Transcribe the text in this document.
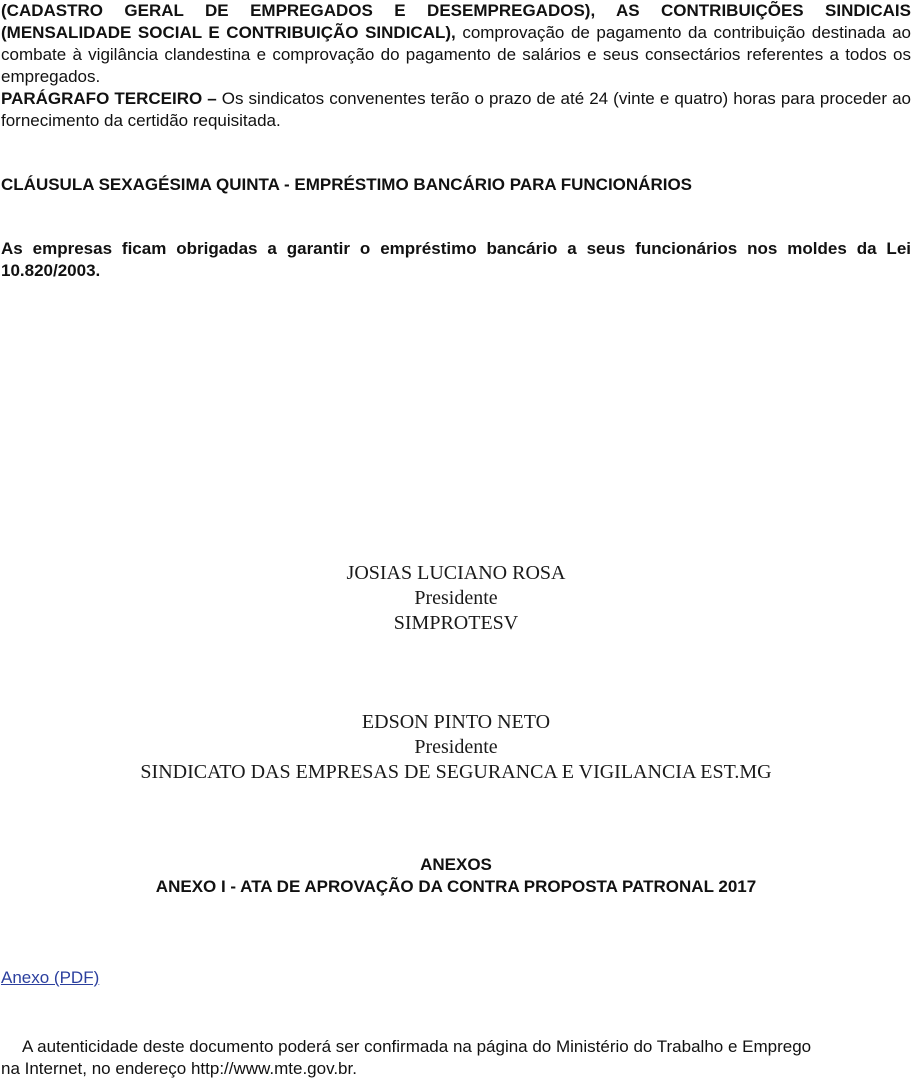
(CADASTRO GERAL DE EMPREGADOS E DESEMPREGADOS), AS CONTRIBUIÇÕES SINDICAIS (MENSALIDADE SOCIAL E CONTRIBUIÇÃO SINDICAL), comprovação de pagamento da contribuição destinada ao combate à vigilância clandestina e comprovação do pagamento de salários e seus consectários referentes a todos os empregados.

PARÁGRAFO TERCEIRO – Os sindicatos convenentes terão o prazo de até 24 (vinte e quatro) horas para proceder ao fornecimento da certidão requisitada.

CLÁUSULA SEXAGÉSIMA QUINTA - EMPRÉSTIMO BANCÁRIO PARA FUNCIONÁRIOS

As empresas ficam obrigadas a garantir o empréstimo bancário a seus funcionários nos moldes da Lei 10.820/2003.

JOSIAS LUCIANO ROSA
Presidente
SIMPROTESV
EDSON PINTO NETO
Presidente
SINDICATO DAS EMPRESAS DE SEGURANCA E VIGILANCIA EST.MG
ANEXOS
ANEXO I - ATA DE APROVAÇÃO DA CONTRA PROPOSTA PATRONAL 2017
Anexo (PDF)

A autenticidade deste documento poderá ser confirmada na página do Ministério do Trabalho e Emprego
na Internet, no endereço http://www.mte.gov.br.
